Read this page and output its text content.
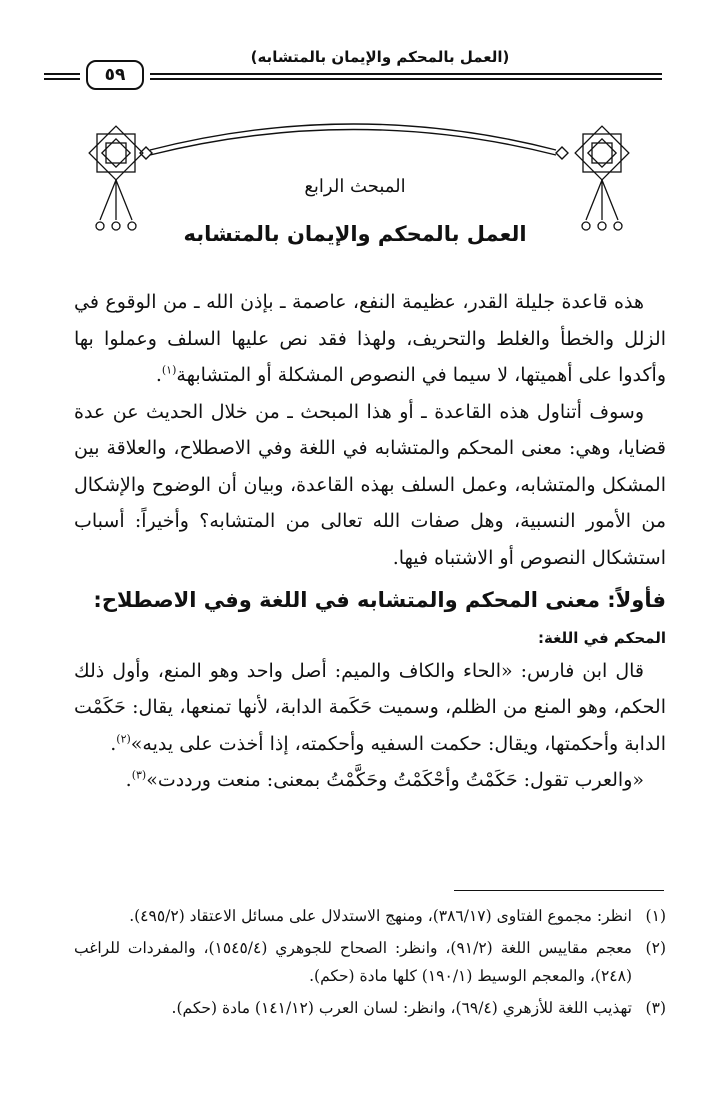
(العمل بالمحكم والإيمان بالمتشابه)
٥٩
المبحث الرابع
العمل بالمحكم والإيمان بالمتشابه

هذه قاعدة جليلة القدر، عظيمة النفع، عاصمة ـ بإذن الله ـ من الوقوع في الزلل والخطأ والغلط والتحريف، ولهذا فقد نص عليها السلف وعملوا بها وأكدوا على أهميتها، لا سيما في النصوص المشكلة أو المتشابهة$^{(١)}$.

وسوف أتناول هذه القاعدة ـ أو هذا المبحث ـ من خلال الحديث عن عدة قضايا، وهي: معنى المحكم والمتشابه في اللغة وفي الاصطلاح، والعلاقة بين المشكل والمتشابه، وعمل السلف بهذه القاعدة، وبيان أن الوضوح والإشكال من الأمور النسبية، وهل صفات الله تعالى من المتشابه؟ وأخيراً: أسباب استشكال النصوص أو الاشتباه فيها.

فأولاً: معنى المحكم والمتشابه في اللغة وفي الاصطلاح:

المحكم في اللغة:

قال ابن فارس: «الحاء والكاف والميم: أصل واحد وهو المنع، وأول ذلك الحكم، وهو المنع من الظلم، وسميت حَكَمة الدابة، لأنها تمنعها، يقال: حَكَمْت الدابة وأحكمتها، ويقال: حكمت السفيه وأحكمته، إذا أخذت على يديه»$^{(٢)}$.

«والعرب تقول: حَكَمْتُ وأحْكَمْتُ وحَكَّمْتُ بمعنى: منعت ورددت»$^{(٣)}$.

(١)
انظر: مجموع الفتاوى (٣٨٦/١٧)، ومنهج الاستدلال على مسائل الاعتقاد (٤٩٥/٢).
(٢)
معجم مقاييس اللغة (٩١/٢)، وانظر: الصحاح للجوهري (١٥٤٥/٤)، والمفردات للراغب (٢٤٨)، والمعجم الوسيط (١٩٠/١) كلها مادة (حكم).
(٣)
تهذيب اللغة للأزهري (٦٩/٤)، وانظر: لسان العرب (١٤١/١٢) مادة (حكم).
